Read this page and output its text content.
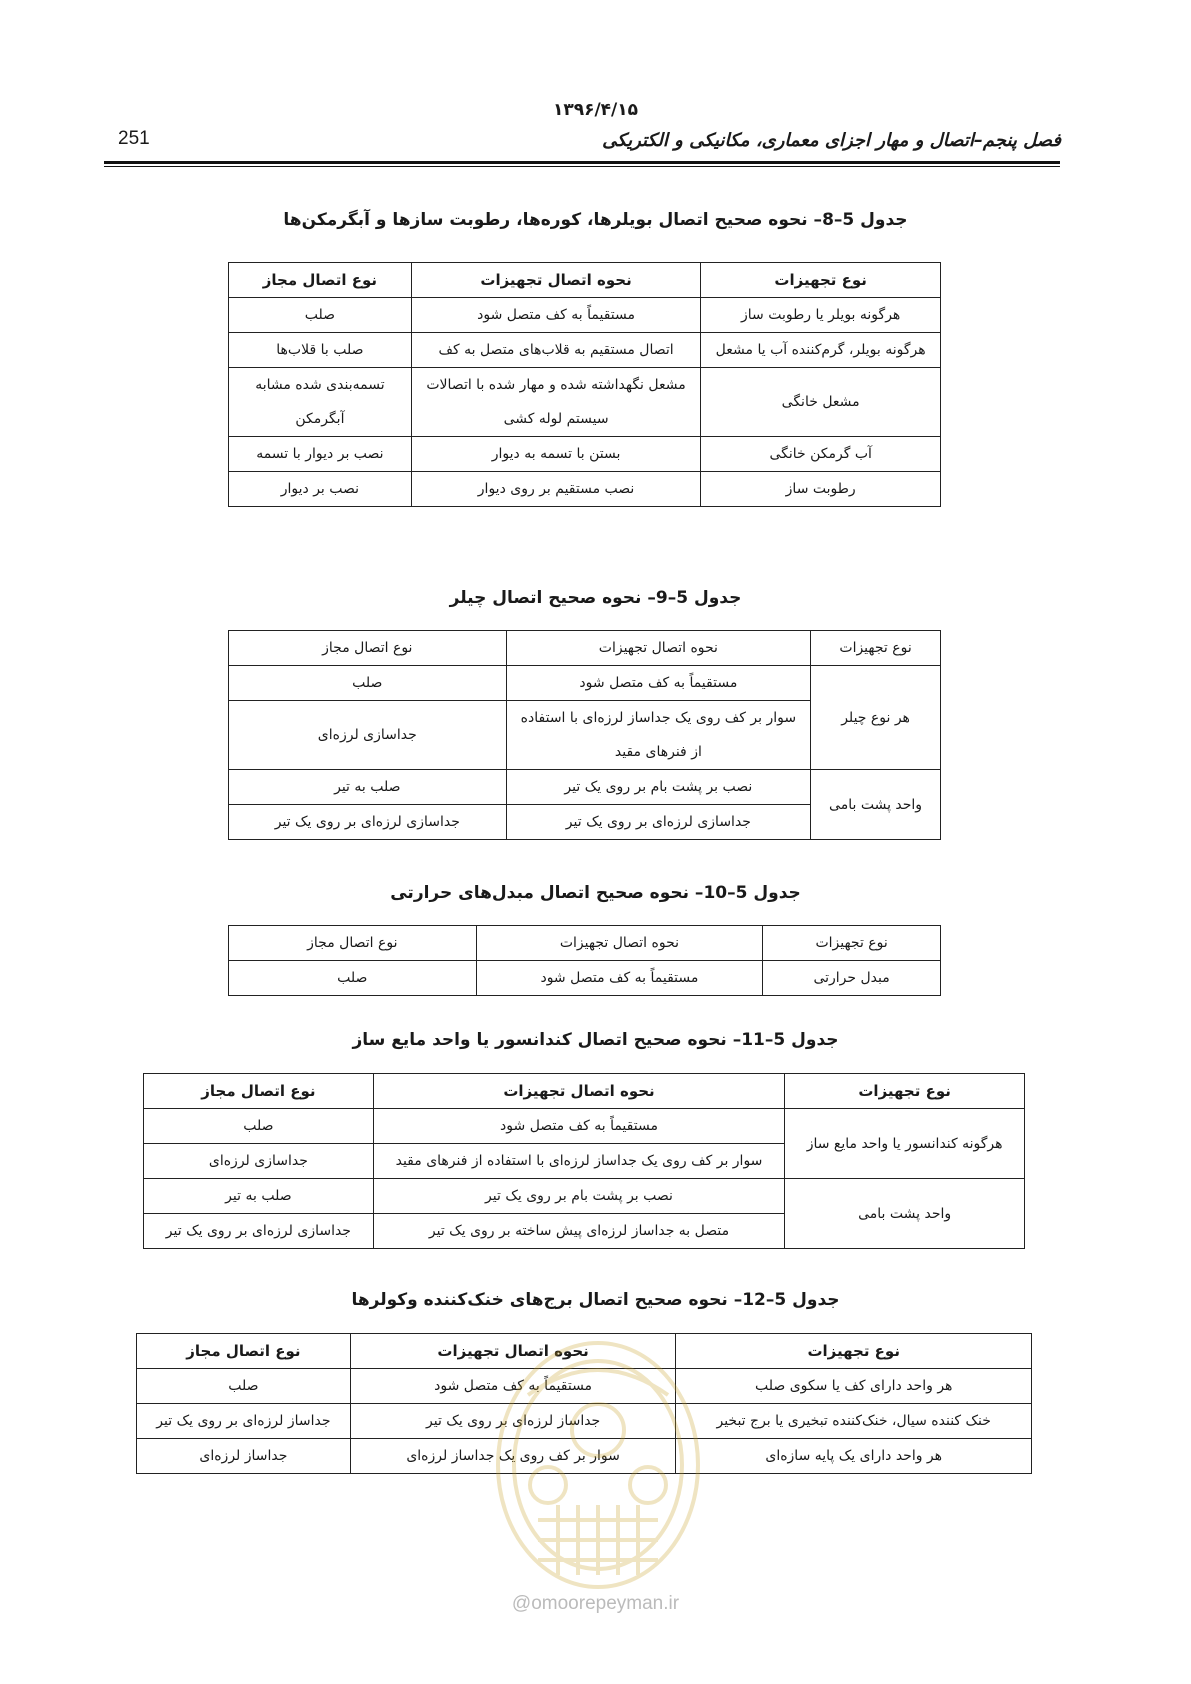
۱۳۹۶/۴/۱۵
251	فصل پنجم–اتصال و مهار اجزای معماری، مکانیکی و الکتریکی
جدول 5–8– نحوه صحیح اتصال بویلرها، کوره‌ها، رطوبت سازها و آبگرمکن‌ها
نوع تجهیزات	نحوه اتصال تجهیزات	نوع اتصال مجاز
هرگونه بویلر یا رطوبت ساز	مستقیماً به کف متصل شود	صلب
هرگونه بویلر، گرم‌کننده آب یا مشعل	اتصال مستقیم به قلاب‌های متصل به کف	صلب با قلاب‌ها
مشعل خانگی	مشعل نگهداشته شده و مهار شده با اتصالات سیستم لوله کشی	تسمه‌بندی شده مشابه آبگرمکن
آب گرمکن خانگی	بستن با تسمه به دیوار	نصب بر دیوار با تسمه
رطوبت ساز	نصب مستقیم بر روی دیوار	نصب بر دیوار
جدول 5–9– نحوه صحیح اتصال چیلر
نوع تجهیزات	نحوه اتصال تجهیزات	نوع اتصال مجاز
هر نوع چیلر	مستقیماً به کف متصل شود	صلب
	سوار بر کف روی یک جداساز لرزه‌ای با استفاده از فنرهای مقید	جداسازی لرزه‌ای
واحد پشت بامی	نصب بر پشت بام بر روی یک تیر	صلب به تیر
	جداسازی لرزه‌ای بر روی یک تیر	جداسازی لرزه‌ای بر روی یک تیر
جدول 5–10– نحوه صحیح اتصال مبدل‌های حرارتی
نوع تجهیزات	نحوه اتصال تجهیزات	نوع اتصال مجاز
مبدل حرارتی	مستقیماً به کف متصل شود	صلب
جدول 5–11– نحوه صحیح اتصال کندانسور یا واحد مایع ساز
نوع تجهیزات	نحوه اتصال تجهیزات	نوع اتصال مجاز
هرگونه کندانسور یا واحد مایع ساز	مستقیماً به کف متصل شود	صلب
	سوار بر کف روی یک جداساز لرزه‌ای با استفاده از فنرهای مقید	جداسازی لرزه‌ای
واحد پشت بامی	نصب بر پشت بام بر روی یک تیر	صلب به تیر
	متصل به جداساز لرزه‌ای پیش ساخته بر روی یک تیر	جداسازی لرزه‌ای بر روی یک تیر
جدول 5–12– نحوه صحیح اتصال برج‌های خنک‌کننده وکولرها
نوع تجهیزات	نحوه اتصال تجهیزات	نوع اتصال مجاز
هر واحد دارای کف یا سکوی صلب	مستقیماً به کف متصل شود	صلب
خنک کننده سیال، خنک‌کننده تبخیری یا برج تبخیر	جداساز لرزه‌ای بر روی یک تیر	جداساز لرزه‌ای بر روی یک تیر
هر واحد دارای یک پایه سازه‌ای	سوار بر کف روی یک جداساز لرزه‌ای	جداساز لرزه‌ای
@omoorepeyman.ir
